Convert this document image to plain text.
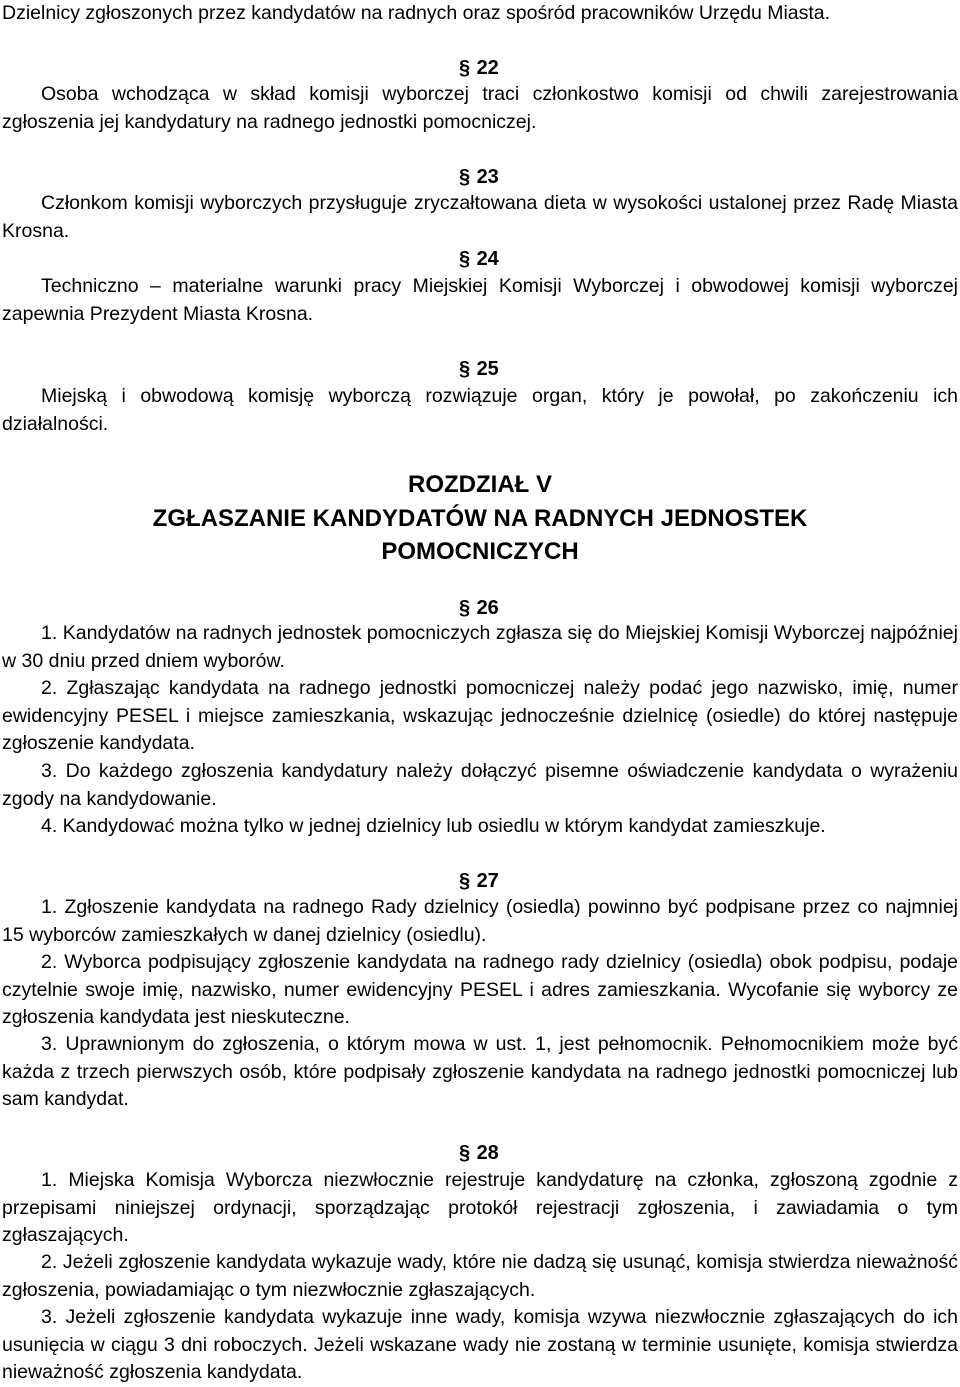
Dzielnicy zgłoszonych przez kandydatów na radnych oraz spośród pracowników Urzędu Miasta.

§ 22

Osoba wchodząca w skład komisji wyborczej traci członkostwo komisji od chwili zarejestrowania zgłoszenia jej kandydatury na radnego jednostki pomocniczej.

§ 23

Członkom komisji wyborczych przysługuje zryczałtowana dieta w wysokości ustalonej przez Radę Miasta Krosna.

§ 24

Techniczno – materialne warunki pracy Miejskiej Komisji Wyborczej i obwodowej komisji wyborczej zapewnia Prezydent Miasta Krosna.

§ 25

Miejską i obwodową komisję wyborczą rozwiązuje organ, który je powołał, po zakończeniu ich działalności.

ROZDZIAŁ V
ZGŁASZANIE KANDYDATÓW NA RADNYCH JEDNOSTEK
POMOCNICZYCH
§ 26

1. Kandydatów na radnych jednostek pomocniczych zgłasza się do Miejskiej Komisji Wyborczej najpóźniej w 30 dniu przed dniem wyborów.

2. Zgłaszając kandydata na radnego jednostki pomocniczej należy podać jego nazwisko, imię, numer ewidencyjny PESEL i miejsce zamieszkania, wskazując jednocześnie dzielnicę (osiedle) do której następuje zgłoszenie kandydata.

3. Do każdego zgłoszenia kandydatury należy dołączyć pisemne oświadczenie kandydata o wyrażeniu zgody na kandydowanie.

4. Kandydować można tylko w jednej dzielnicy lub osiedlu w którym kandydat zamieszkuje.

§ 27

1. Zgłoszenie kandydata na radnego Rady dzielnicy (osiedla) powinno być podpisane przez co najmniej 15 wyborców zamieszkałych w danej dzielnicy (osiedlu).

2. Wyborca podpisujący zgłoszenie kandydata na radnego rady dzielnicy (osiedla) obok podpisu, podaje czytelnie swoje imię, nazwisko, numer ewidencyjny PESEL i adres zamieszkania. Wycofanie się wyborcy ze zgłoszenia kandydata jest nieskuteczne.

3. Uprawnionym do zgłoszenia, o którym mowa w ust. 1, jest pełnomocnik. Pełnomocnikiem może być każda z trzech pierwszych osób, które podpisały zgłoszenie kandydata na radnego jednostki pomocniczej lub sam kandydat.

§ 28

1. Miejska Komisja Wyborcza niezwłocznie rejestruje kandydaturę na członka, zgłoszoną zgodnie z przepisami niniejszej ordynacji, sporządzając protokół rejestracji zgłoszenia, i zawiadamia o tym zgłaszających.

2. Jeżeli zgłoszenie kandydata wykazuje wady, które nie dadzą się usunąć, komisja stwierdza nieważność zgłoszenia, powiadamiając o tym niezwłocznie zgłaszających.

3. Jeżeli zgłoszenie kandydata wykazuje inne wady, komisja wzywa niezwłocznie zgłaszających do ich usunięcia w ciągu 3 dni roboczych. Jeżeli wskazane wady nie zostaną w terminie usunięte, komisja stwierdza nieważność zgłoszenia kandydata.
